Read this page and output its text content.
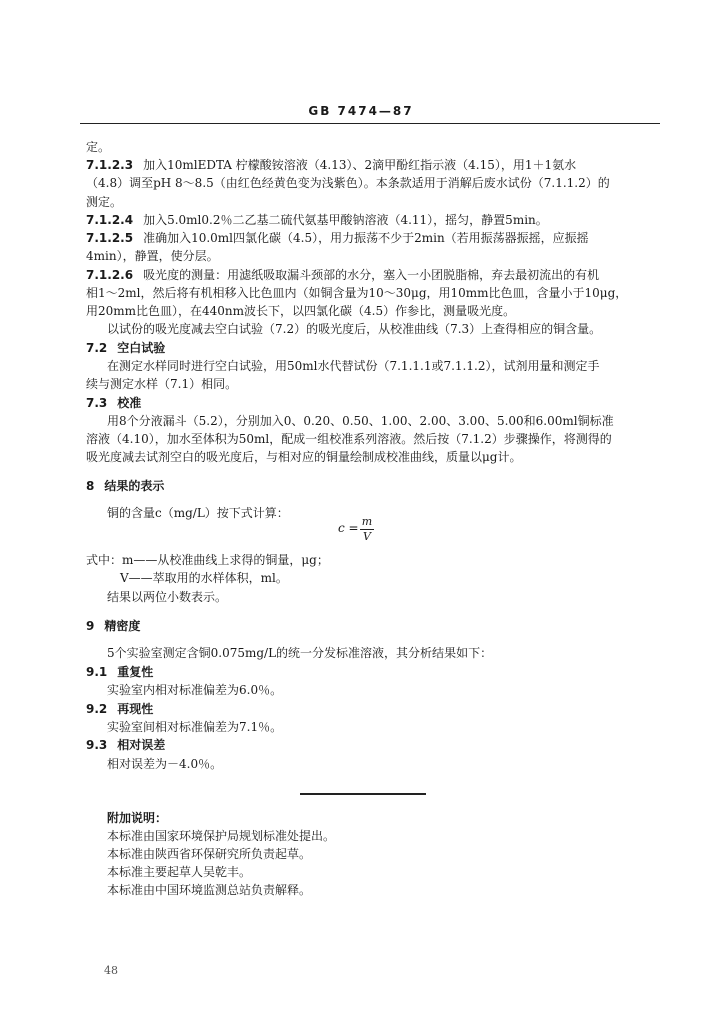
GB 7474—87
定。
7.1.2.3 加入10mlEDTA 柠檬酸铵溶液（4.13）、2滴甲酚红指示液（4.15），用1＋1氨水
（4.8）调至pH 8～8.5（由红色经黄色变为浅紫色）。本条款适用于消解后废水试份（7.1.1.2）的
测定。
7.1.2.4 加入5.0ml0.2％二乙基二硫代氨基甲酸钠溶液（4.11），摇匀，静置5min。
7.1.2.5 准确加入10.0ml四氯化碳（4.5），用力振荡不少于2min（若用振荡器振摇，应振摇
4min），静置，使分层。
7.1.2.6 吸光度的测量：用滤纸吸取漏斗颈部的水分，塞入一小团脱脂棉，弃去最初流出的有机
相1～2ml，然后将有机相移入比色皿内（如铜含量为10～30μg，用10mm比色皿，含量小于10μg，
用20mm比色皿），在440nm波长下，以四氯化碳（4.5）作参比，测量吸光度。
以试份的吸光度减去空白试验（7.2）的吸光度后，从校准曲线（7.3）上查得相应的铜含量。
7.2 空白试验
在测定水样同时进行空白试验，用50ml水代替试份（7.1.1.1或7.1.1.2），试剂用量和测定手
续与测定水样（7.1）相同。
7.3 校准
用8个分液漏斗（5.2），分别加入0、0.20、0.50、1.00、2.00、3.00、5.00和6.00ml铜标准
溶液（4.10），加水至体积为50ml，配成一组校准系列溶液。然后按（7.1.2）步骤操作，将测得的
吸光度减去试剂空白的吸光度后，与相对应的铜量绘制成校准曲线，质量以μg计。
8 结果的表示
铜的含量c（mg/L）按下式计算：
式中：m——从校准曲线上求得的铜量，μg；
V——萃取用的水样体积，ml。
结果以两位小数表示。
9 精密度
5个实验室测定含铜0.075mg/L的统一分发标准溶液，其分析结果如下：
9.1 重复性
实验室内相对标准偏差为6.0％。
9.2 再现性
实验室间相对标准偏差为7.1％。
9.3 相对误差
相对误差为－4.0％。
附加说明：
本标准由国家环境保护局规划标准处提出。
本标准由陕西省环保研究所负责起草。
本标准主要起草人吴乾丰。
本标准由中国环境监测总站负责解释。
c = m
V
48
